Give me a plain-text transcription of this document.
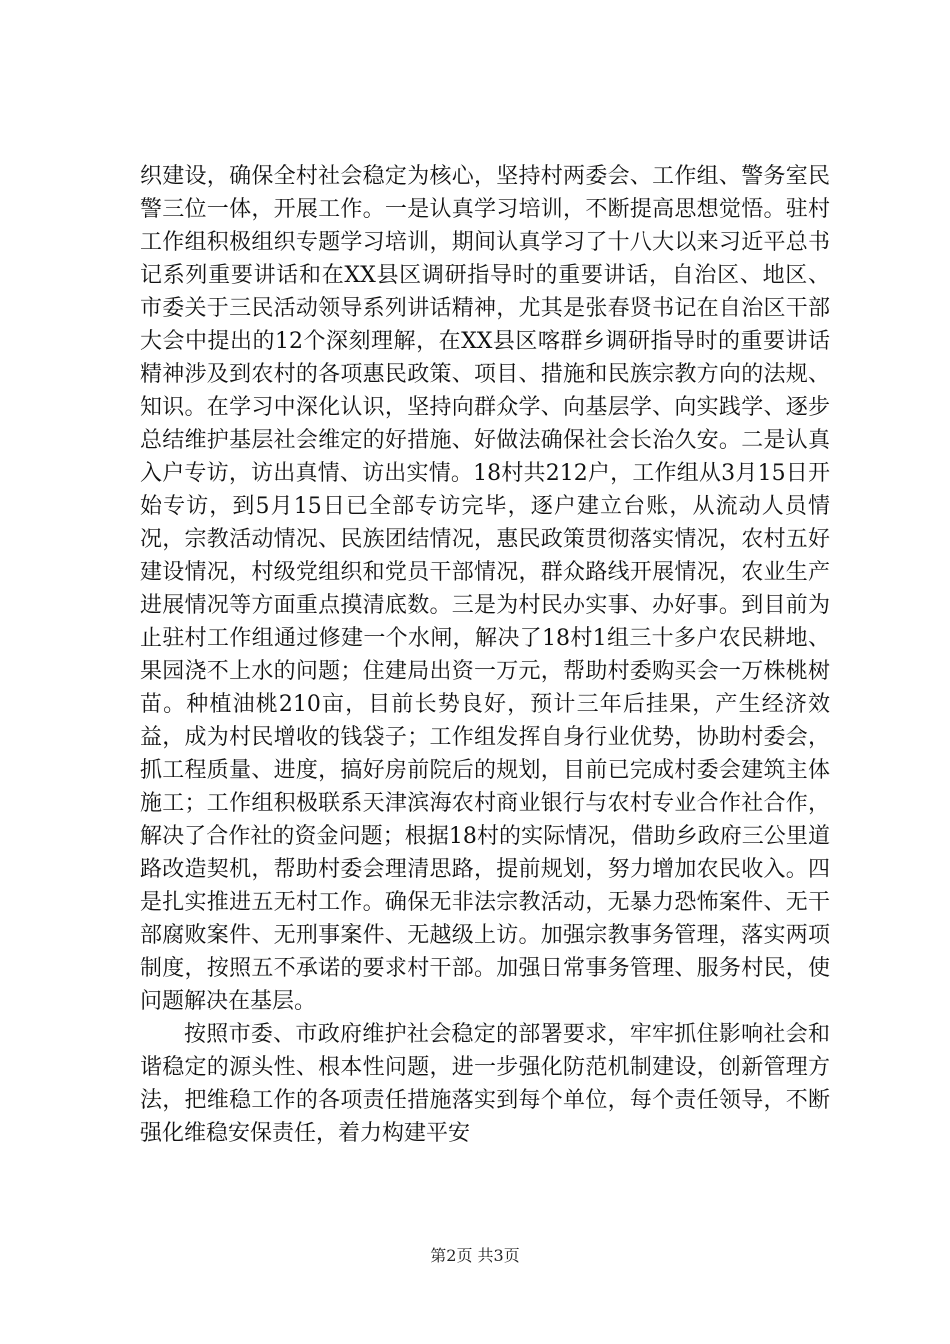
织建设，确保全村社会稳定为核心，坚持村两委会、工作组、警务室民警三位一体，开展工作。一是认真学习培训，不断提高思想觉悟。驻村工作组积极组织专题学习培训，期间认真学习了十八大以来习近平总书记系列重要讲话和在XX县区调研指导时的重要讲话，自治区、地区、市委关于三民活动领导系列讲话精神，尤其是张春贤书记在自治区干部大会中提出的12个深刻理解，在XX县区喀群乡调研指导时的重要讲话精神涉及到农村的各项惠民政策、项目、措施和民族宗教方向的法规、知识。在学习中深化认识，坚持向群众学、向基层学、向实践学、逐步总结维护基层社会维定的好措施、好做法确保社会长治久安。二是认真入户专访，访出真情、访出实情。18村共212户，工作组从3月15日开始专访，到5月15日已全部专访完毕，逐户建立台账，从流动人员情况，宗教活动情况、民族团结情况，惠民政策贯彻落实情况，农村五好建设情况，村级党组织和党员干部情况，群众路线开展情况，农业生产进展情况等方面重点摸清底数。三是为村民办实事、办好事。到目前为止驻村工作组通过修建一个水闸，解决了18村1组三十多户农民耕地、果园浇不上水的问题；住建局出资一万元，帮助村委购买会一万株桃树苗。种植油桃210亩，目前长势良好，预计三年后挂果，产生经济效益，成为村民增收的钱袋子；工作组发挥自身行业优势，协助村委会，抓工程质量、进度，搞好房前院后的规划，目前已完成村委会建筑主体施工；工作组积极联系天津滨海农村商业银行与农村专业合作社合作，解决了合作社的资金问题；根据18村的实际情况，借助乡政府三公里道路改造契机，帮助村委会理清思路，提前规划，努力增加农民收入。四是扎实推进五无村工作。确保无非法宗教活动，无暴力恐怖案件、无干部腐败案件、无刑事案件、无越级上访。加强宗教事务管理，落实两项制度，按照五不承诺的要求村干部。加强日常事务管理、服务村民，使问题解决在基层。

按照市委、市政府维护社会稳定的部署要求，牢牢抓住影响社会和谐稳定的源头性、根本性问题，进一步强化防范机制建设，创新管理方法，把维稳工作的各项责任措施落实到每个单位，每个责任领导，不断强化维稳安保责任，着力构建平安

第2页 共3页
